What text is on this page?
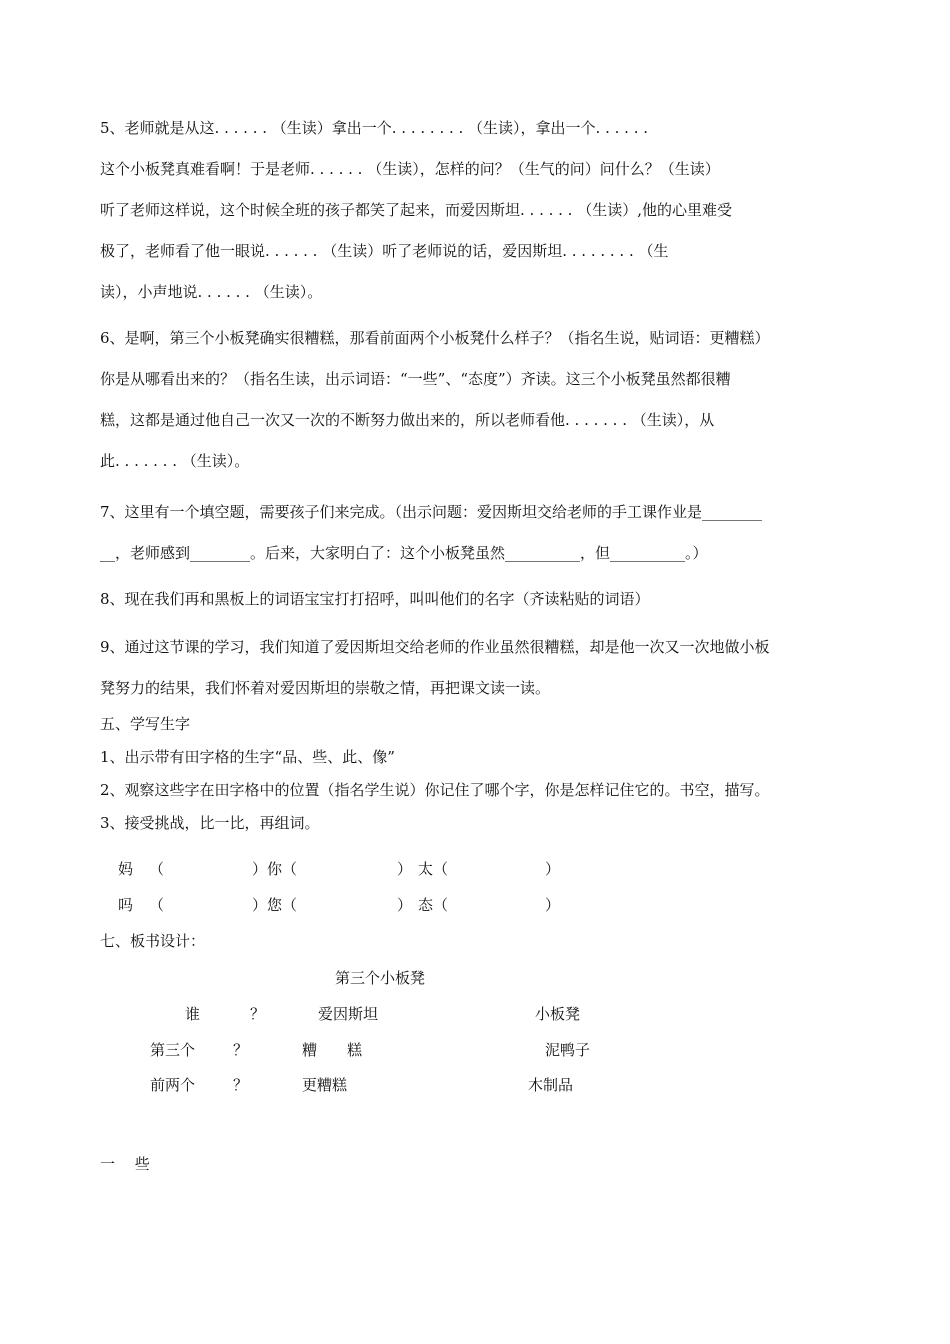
5、老师就是从这. . . . . . （生读）拿出一个. . . . . . . . （生读），拿出一个. . . . . .

这个小板凳真难看啊！于是老师. . . . . . （生读），怎样的问？（生气的问）问什么？（生读）

听了老师这样说，这个时候全班的孩子都笑了起来，而爱因斯坦. . . . . . （生读）,他的心里难受

极了，老师看了他一眼说. . . . . . （生读）听了老师说的话，爱因斯坦. . . . . . . . （生

读），小声地说. . . . . . （生读）。

6、是啊，第三个小板凳确实很糟糕，那看前面两个小板凳什么样子？（指名生说，贴词语：更糟糕）

你是从哪看出来的？（指名生读，出示词语：“一些”、“态度”）齐读。这三个小板凳虽然都很糟

糕，这都是通过他自己一次又一次的不断努力做出来的，所以老师看他. . . . . . . （生读），从

此. . . . . . . （生读）。

7、这里有一个填空题，需要孩子们来完成。（出示问题：爱因斯坦交给老师的手工课作业是________

__，老师感到________。后来，大家明白了：这个小板凳虽然__________，但__________。）

8、现在我们再和黑板上的词语宝宝打打招呼，叫叫他们的名字（齐读粘贴的词语）

9、通过这节课的学习，我们知道了爱因斯坦交给老师的作业虽然很糟糕，却是他一次又一次地做小板

凳努力的结果，我们怀着对爱因斯坦的崇敬之情，再把课文读一读。

五、学写生字

1、出示带有田字格的生字“品、些、此、像”

2、观察这些字在田字格中的位置（指名学生说）你记住了哪个字，你是怎样记住它的。书空，描写。

3、接受挑战，比一比，再组词。

妈 （	）你（	） 太（	）
吗 （	）您（	） 态（	）
七、板书设计：
第三个小板凳
谁	？	爱因斯坦	小板凳
第三个	？	糟　　糕	泥鸭子
前两个	？	更糟糕	木制品
一　 些
